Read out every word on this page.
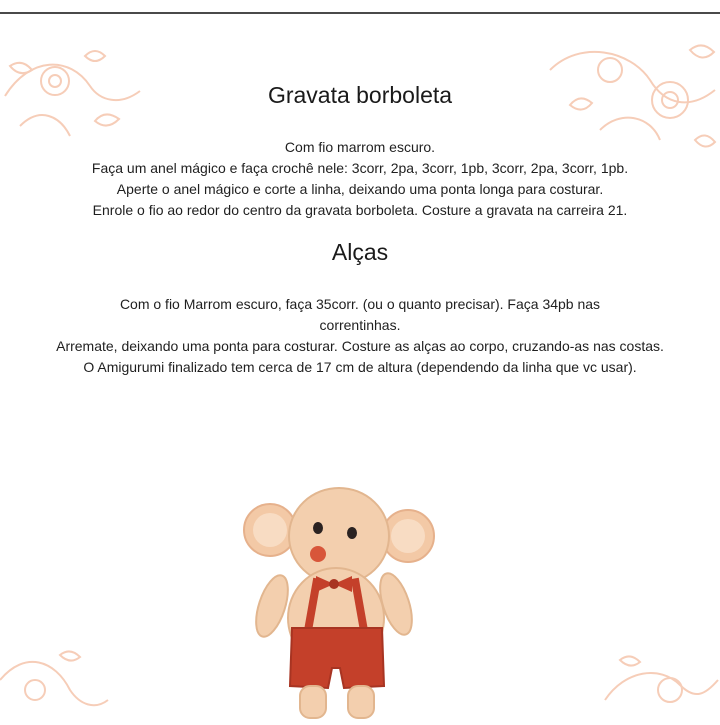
Gravata borboleta

Com fio marrom escuro.

Faça um anel mágico e faça crochê nele: 3corr, 2pa, 3corr, 1pb, 3corr, 2pa, 3corr, 1pb.

Aperte o anel mágico e corte a linha, deixando uma ponta longa para costurar.

Enrole o fio ao redor do centro da gravata borboleta. Costure a gravata na carreira 21.

Alças

Com o fio Marrom escuro, faça 35corr. (ou o quanto precisar). Faça 34pb nas correntinhas.

Arremate, deixando uma ponta para costurar. Costure as alças ao corpo, cruzando-as nas costas.

O Amigurumi finalizado tem cerca de 17 cm de altura (dependendo da linha que vc usar).
